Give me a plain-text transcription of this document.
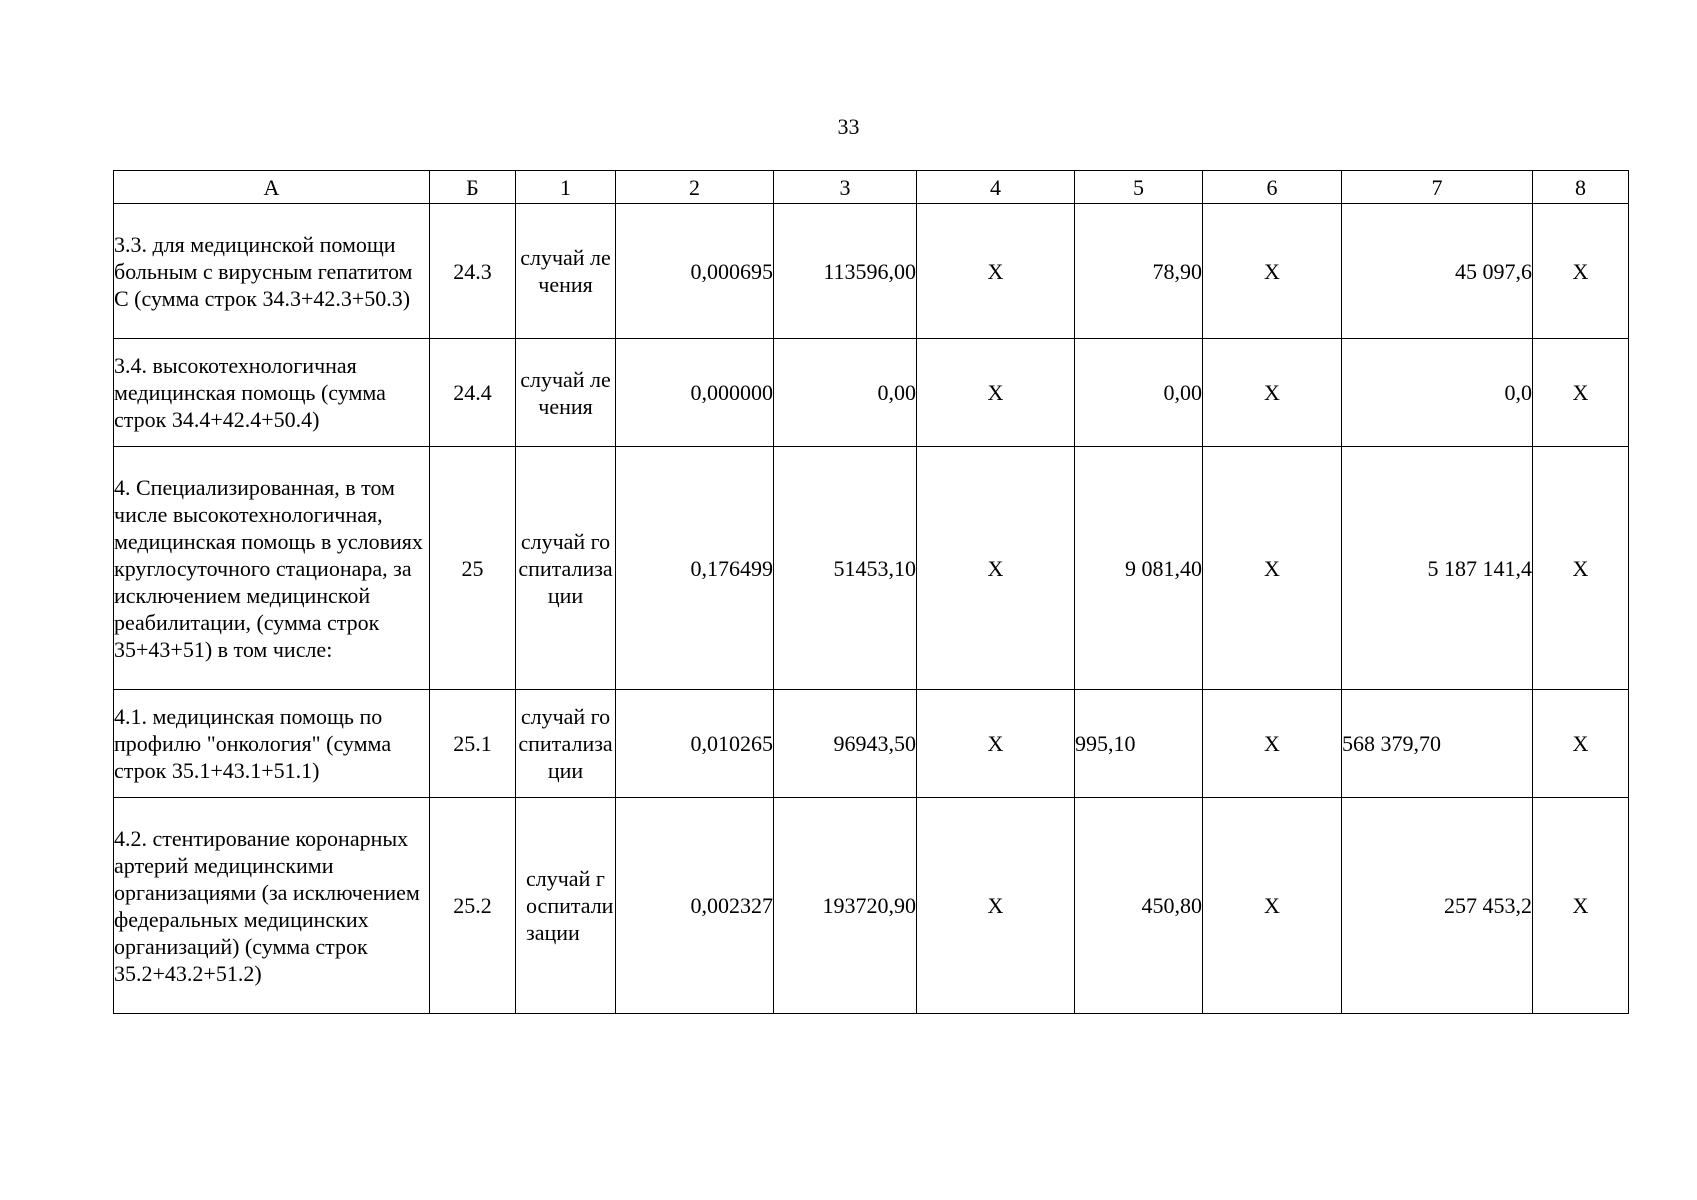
33
А	Б	1	2	3	4	5	6	7	8
3.3. для медицинской помощи больным с вирусным гепатитом С (сумма строк 34.3+42.3+50.3)	24.3	случай лечения	0,000695	113596,00	Х	78,90	Х	45 097,6	Х
3.4. высокотехнологичная медицинская помощь (сумма строк 34.4+42.4+50.4)	24.4	случай лечения	0,000000	0,00	Х	0,00	Х	0,0	Х
4. Специализированная, в том числе высокотехнологичная, медицинская помощь в условиях круглосуточного стационара, за исключением медицинской реабилитации, (сумма строк 35+43+51) в том числе:	25	случай госпитализации	0,176499	51453,10	Х	9 081,40	Х	5 187 141,4	Х
4.1. медицинская помощь по профилю "онкология" (сумма строк 35.1+43.1+51.1)	25.1	случай госпитализации	0,010265	96943,50	Х	995,10	Х	568 379,70	Х
4.2. стентирование коронарных артерий медицинскими организациями (за исключением федеральных медицинских организаций) (сумма строк 35.2+43.2+51.2)	25.2	случай госпитализации	0,002327	193720,90	Х	450,80	Х	257 453,2	Х
